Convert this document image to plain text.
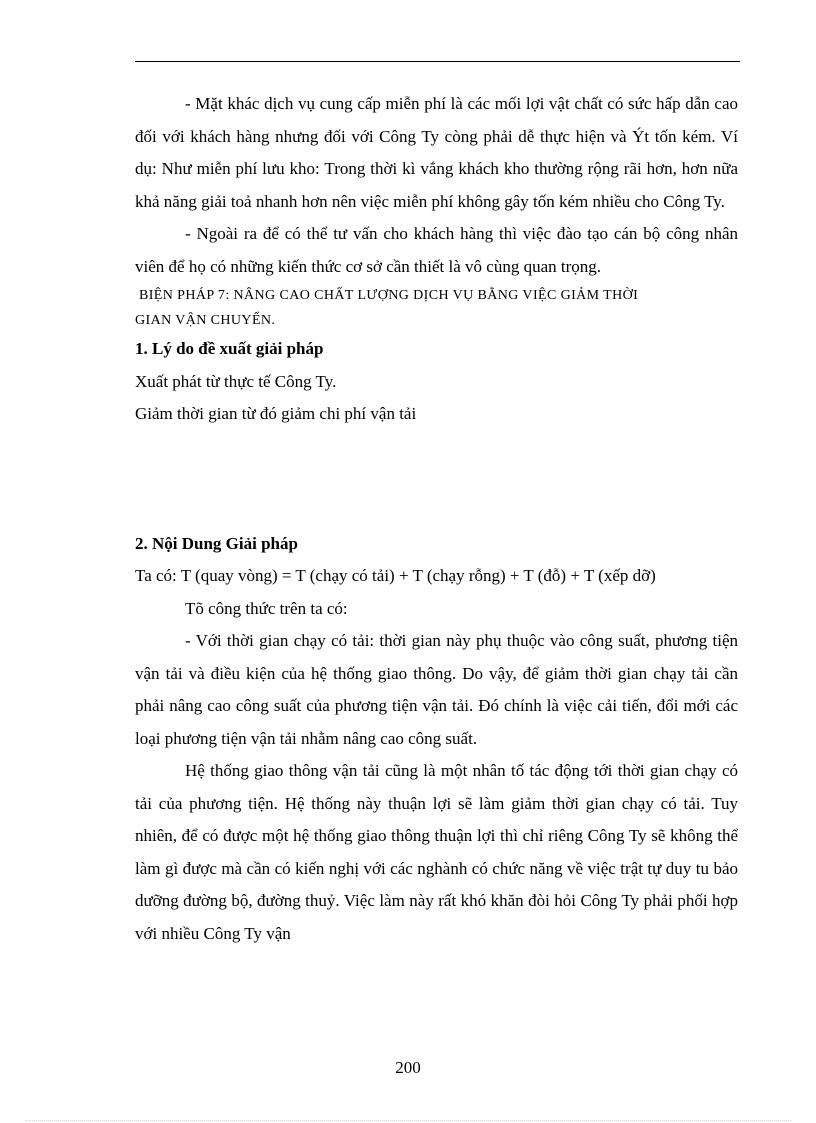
- Mặt khác dịch vụ cung cấp miễn phí là các mối lợi vật chất có sức hấp dẫn cao đối với khách hàng nhưng đối với Công Ty còng phải dễ thực hiện và Ýt tốn kém. Ví dụ: Như miễn phí lưu kho: Trong thời kì vắng khách kho thường rộng rãi hơn, hơn nữa khả năng giải toả nhanh hơn nên việc miễn phí không gây tốn kém nhiều cho Công Ty.

- Ngoài ra để có thể tư vấn cho khách hàng thì việc đào tạo cán bộ công nhân viên để họ có những kiến thức cơ sở cần thiết là vô cùng quan trọng.

BIỆN PHÁP 7: NÂNG CAO CHẤT LƯỢNG DỊCH VỤ BẰNG VIỆC GIẢM THỜI
GIAN VẬN CHUYỂN.

1. Lý do đề xuất giải pháp

Xuất phát từ thực tế Công Ty.

Giảm thời gian từ đó giảm chi phí vận tải

2. Nội Dung Giải pháp

Ta có: T (quay vòng) = T (chạy có tải) + T (chạy rỗng) + T (đỗ) + T (xếp dỡ)

Tõ công thức trên ta có:

- Với thời gian chạy có tải: thời gian này phụ thuộc vào công suất, phương tiện vận tải và điều kiện của hệ thống giao thông. Do vậy, để giảm thời gian chạy tải cần phải nâng cao công suất của phương tiện vận tải. Đó chính là việc cải tiến, đổi mới các loại phương tiện vận tải nhằm nâng cao công suất.

Hệ thống giao thông vận tải cũng là một nhân tố tác động tới thời gian chạy có tải của phương tiện. Hệ thống này thuận lợi sẽ làm giảm thời gian chạy có tải. Tuy nhiên, để có được một hệ thống giao thông thuận lợi thì chỉ riêng Công Ty sẽ không thể làm gì được mà cần có kiến nghị với các nghành có chức năng về việc trật tự duy tu bảo dưỡng đường bộ, đường thuỷ. Việc làm này rất khó khăn đòi hỏi Công Ty phải phối hợp với nhiều Công Ty vận

200
